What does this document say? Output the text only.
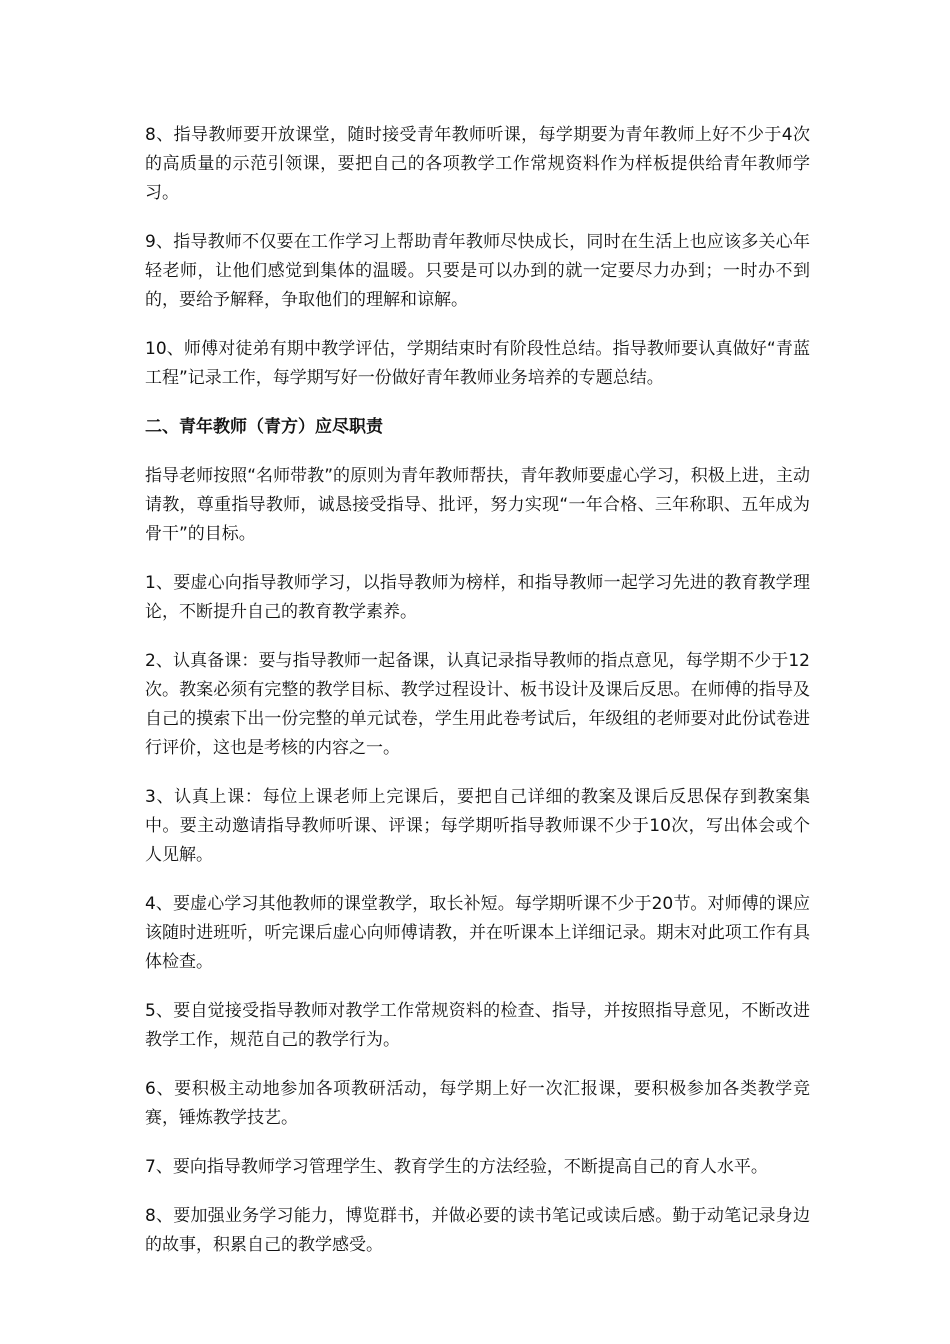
8、指导教师要开放课堂，随时接受青年教师听课，每学期要为青年教师上好不少于4次的高质量的示范引领课，要把自己的各项教学工作常规资料作为样板提供给青年教师学习。

9、指导教师不仅要在工作学习上帮助青年教师尽快成长，同时在生活上也应该多关心年轻老师，让他们感觉到集体的温暖。只要是可以办到的就一定要尽力办到；一时办不到的，要给予解释，争取他们的理解和谅解。

10、师傅对徒弟有期中教学评估，学期结束时有阶段性总结。指导教师要认真做好“青蓝工程”记录工作，每学期写好一份做好青年教师业务培养的专题总结。

二、青年教师（青方）应尽职责

指导老师按照“名师带教”的原则为青年教师帮扶，青年教师要虚心学习，积极上进，主动请教，尊重指导教师，诚恳接受指导、批评，努力实现“一年合格、三年称职、五年成为骨干”的目标。

1、要虚心向指导教师学习，以指导教师为榜样，和指导教师一起学习先进的教育教学理论，不断提升自己的教育教学素养。

2、认真备课：要与指导教师一起备课，认真记录指导教师的指点意见，每学期不少于12次。教案必须有完整的教学目标、教学过程设计、板书设计及课后反思。在师傅的指导及自己的摸索下出一份完整的单元试卷，学生用此卷考试后，年级组的老师要对此份试卷进行评价，这也是考核的内容之一。

3、认真上课：每位上课老师上完课后，要把自己详细的教案及课后反思保存到教案集中。要主动邀请指导教师听课、评课；每学期听指导教师课不少于10次，写出体会或个人见解。

4、要虚心学习其他教师的课堂教学，取长补短。每学期听课不少于20节。对师傅的课应该随时进班听，听完课后虚心向师傅请教，并在听课本上详细记录。期末对此项工作有具体检查。

5、要自觉接受指导教师对教学工作常规资料的检查、指导，并按照指导意见，不断改进教学工作，规范自己的教学行为。

6、要积极主动地参加各项教研活动，每学期上好一次汇报课，要积极参加各类教学竞赛，锤炼教学技艺。

7、要向指导教师学习管理学生、教育学生的方法经验，不断提高自己的育人水平。

8、要加强业务学习能力，博览群书，并做必要的读书笔记或读后感。勤于动笔记录身边的故事，积累自己的教学感受。
